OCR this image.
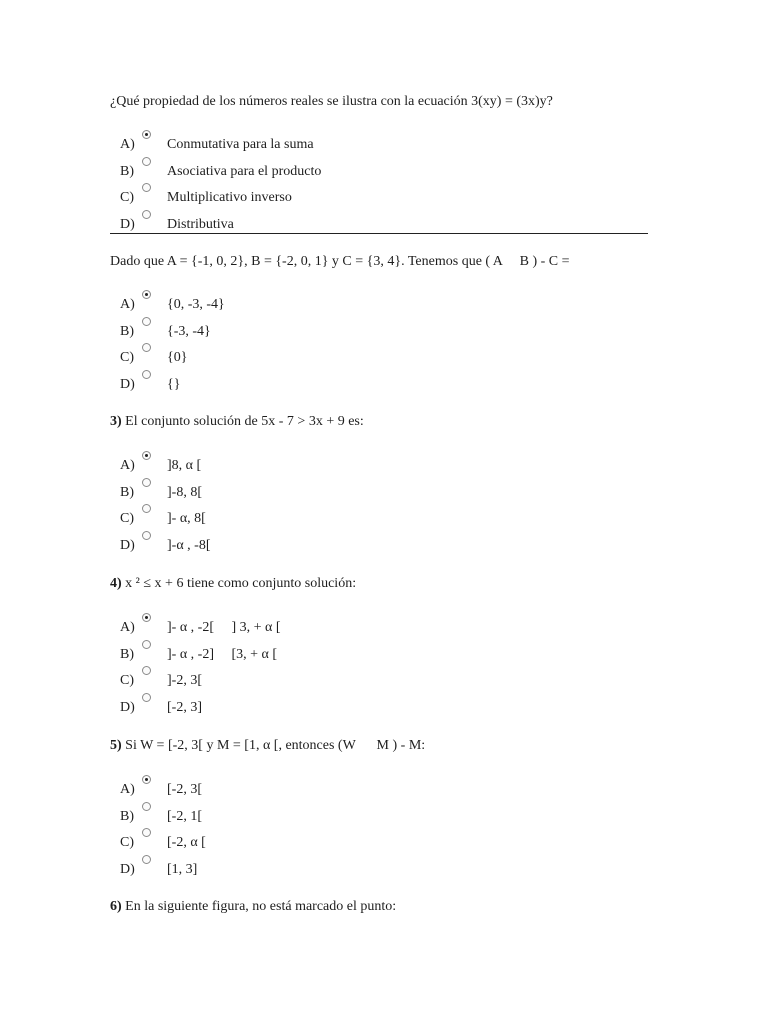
¿Qué propiedad de los números reales se ilustra con la ecuación 3(xy) = (3x)y?

A) Conmutativa para la suma
B) Asociativa para el producto
C) Multiplicativo inverso
D) Distributiva

Dado que A = {-1, 0, 2}, B = {-2, 0, 1} y C = {3, 4}. Tenemos que ( A     B ) - C =

A) {0, -3, -4}
B) {-3, -4}
C) {0}
D) {}

3) El conjunto solución de 5x - 7 > 3x + 9 es:

A) ]8, α [
B) ]-8, 8[
C) ]- α, 8[
D) ]-α , -8[

4) x ² ≤ x + 6 tiene como conjunto solución:

A) ]- α , -2[     ] 3, + α [
B) ]- α , -2]     [3, + α [
C) ]-2, 3[
D) [-2, 3]

5) Si W = [-2, 3[ y M = [1, α [, entonces (W      M ) - M:

A) [-2, 3[
B) [-2, 1[
C) [-2, α [
D) [1, 3]

6) En la siguiente figura, no está marcado el punto:
